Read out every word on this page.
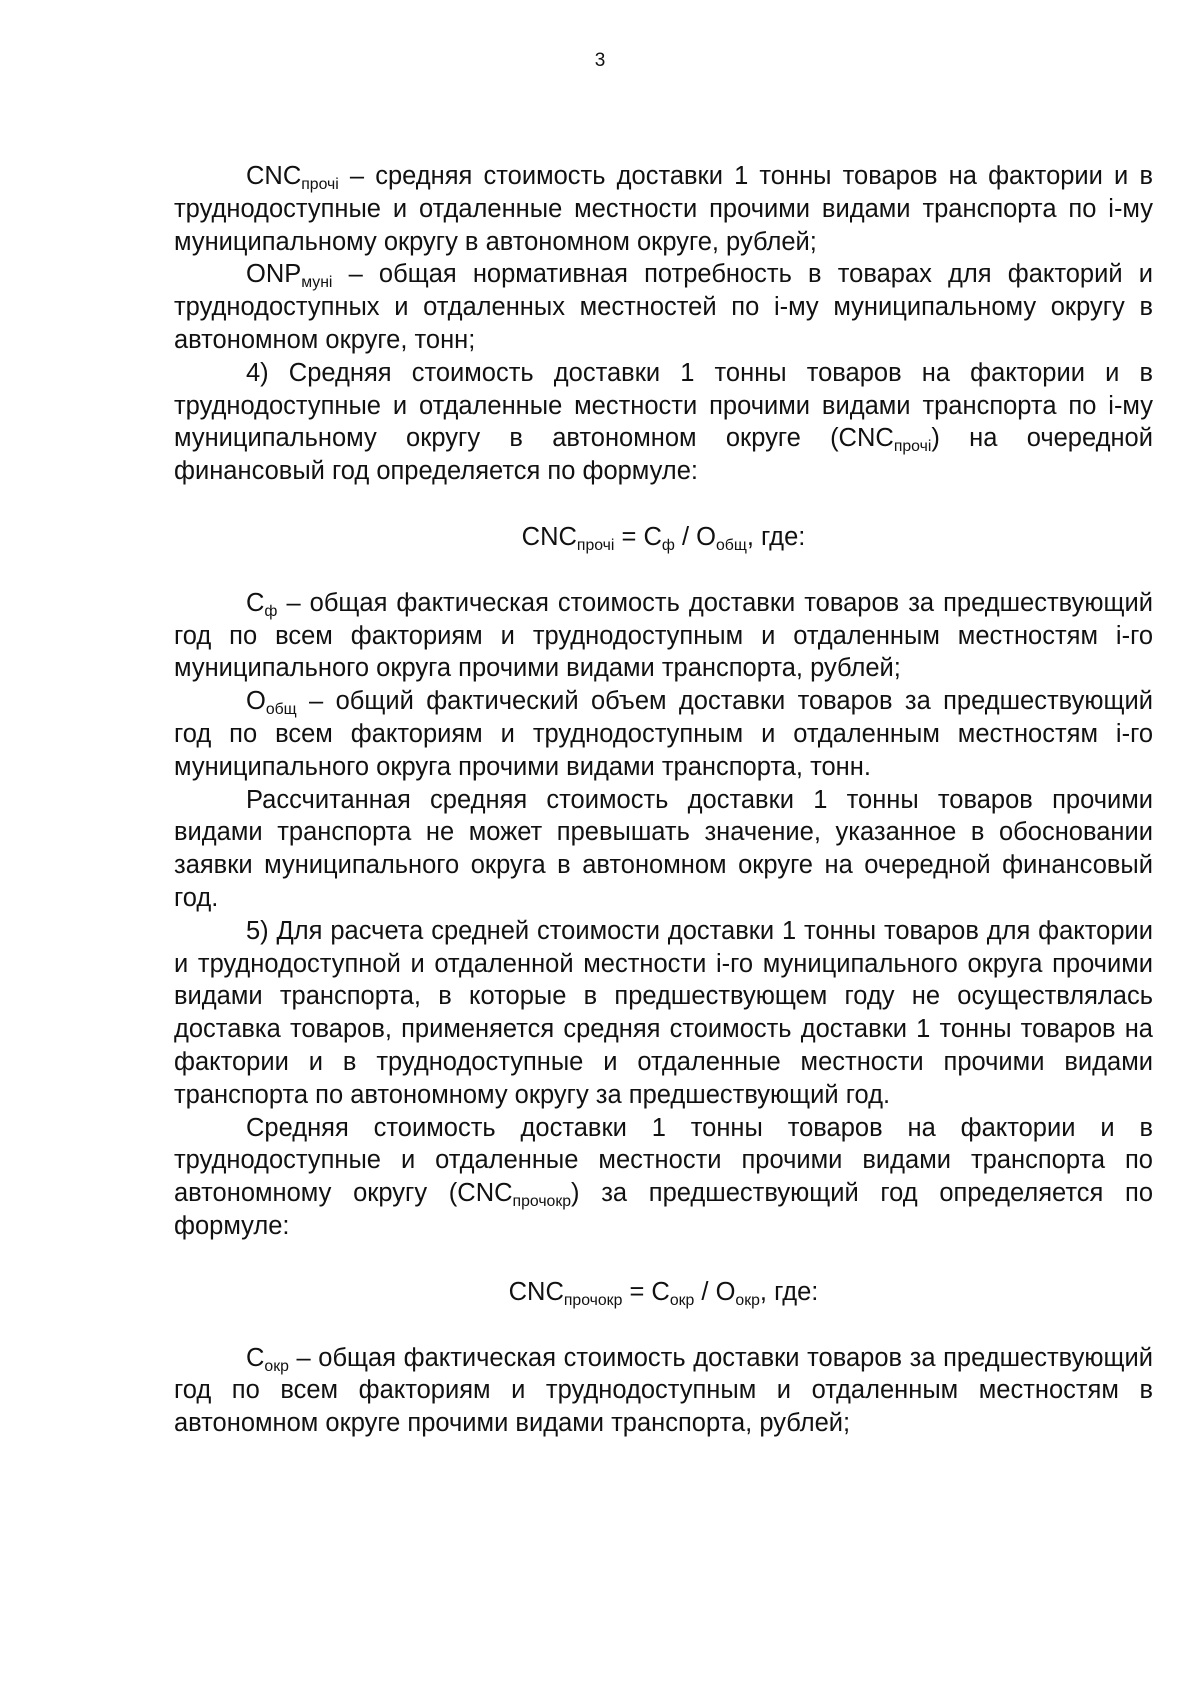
3

$CNC_{прочі}$ – средняя стоимость доставки 1 тонны товаров на фактории и в труднодоступные и отдаленные местности прочими видами транспорта по i-му муниципальному округу в автономном округе, рублей;

$ONP_{муні}$ – общая нормативная потребность в товарах для факторий и труднодоступных и отдаленных местностей по i-му муниципальному округу в автономном округе, тонн;

4) Средняя стоимость доставки 1 тонны товаров на фактории и в труднодоступные и отдаленные местности прочими видами транспорта по i-му муниципальному округу в автономном округе $(CNC_{прочі})$ на очередной финансовый год определяется по формуле:

$CNC_{прочі} = C_ф / O_{общ}$, где:

$C_ф$ – общая фактическая стоимость доставки товаров за предшествующий год по всем факториям и труднодоступным и отдаленным местностям i-го муниципального округа прочими видами транспорта, рублей;

$O_{общ}$ – общий фактический объем доставки товаров за предшествующий год по всем факториям и труднодоступным и отдаленным местностям i-го муниципального округа прочими видами транспорта, тонн.

Рассчитанная средняя стоимость доставки 1 тонны товаров прочими видами транспорта не может превышать значение, указанное в обосновании заявки муниципального округа в автономном округе на очередной финансовый год.

5) Для расчета средней стоимости доставки 1 тонны товаров для фактории и труднодоступной и отдаленной местности i-го муниципального округа прочими видами транспорта, в которые в предшествующем году не осуществлялась доставка товаров, применяется средняя стоимость доставки 1 тонны товаров на фактории и в труднодоступные и отдаленные местности прочими видами транспорта по автономному округу за предшествующий год.

Средняя стоимость доставки 1 тонны товаров на фактории и в труднодоступные и отдаленные местности прочими видами транспорта по автономному округу $(CNC_{прочокр})$ за предшествующий год определяется по формуле:

$CNC_{прочокр} = C_{окр} / O_{окр}$, где:

$C_{окр}$ – общая фактическая стоимость доставки товаров за предшествующий год по всем факториям и труднодоступным и отдаленным местностям в автономном округе прочими видами транспорта, рублей;
